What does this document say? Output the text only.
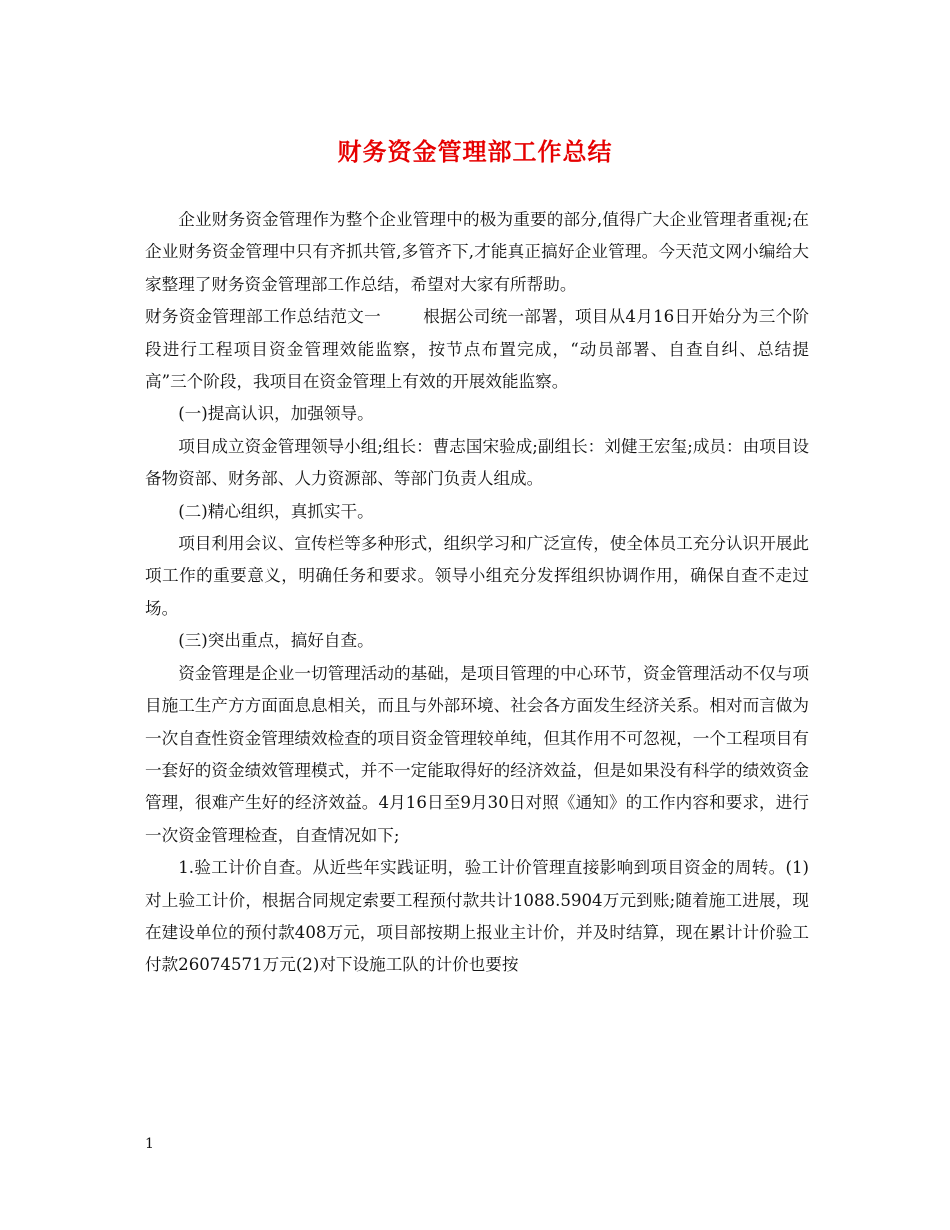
财务资金管理部工作总结

企业财务资金管理作为整个企业管理中的极为重要的部分,值得广大企业管理者重视;在企业财务资金管理中只有齐抓共管,多管齐下,才能真正搞好企业管理。今天范文网小编给大家整理了财务资金管理部工作总结，希望对大家有所帮助。

财务资金管理部工作总结范文一	根据公司统一部署，项目从4月16日开始分为三个阶段进行工程项目资金管理效能监察，按节点布置完成，“动员部署、自查自纠、总结提高”三个阶段，我项目在资金管理上有效的开展效能监察。

(一)提高认识，加强领导。

项目成立资金管理领导小组;组长：曹志国宋验成;副组长：刘健王宏玺;成员：由项目设备物资部、财务部、人力资源部、等部门负责人组成。

(二)精心组织，真抓实干。

项目利用会议、宣传栏等多种形式，组织学习和广泛宣传，使全体员工充分认识开展此项工作的重要意义，明确任务和要求。领导小组充分发挥组织协调作用，确保自查不走过场。

(三)突出重点，搞好自查。

资金管理是企业一切管理活动的基础，是项目管理的中心环节，资金管理活动不仅与项目施工生产方方面面息息相关，而且与外部环境、社会各方面发生经济关系。相对而言做为一次自查性资金管理绩效检查的项目资金管理较单纯，但其作用不可忽视，一个工程项目有一套好的资金绩效管理模式，并不一定能取得好的经济效益，但是如果没有科学的绩效资金管理，很难产生好的经济效益。4月16日至9月30日对照《通知》的工作内容和要求，进行一次资金管理检查，自查情况如下;

1.验工计价自查。从近些年实践证明，验工计价管理直接影响到项目资金的周转。(1)对上验工计价，根据合同规定索要工程预付款共计1088.5904万元到账;随着施工进展，现在建设单位的预付款408万元，项目部按期上报业主计价，并及时结算，现在累计计价验工付款26074571万元(2)对下设施工队的计价也要按

1
